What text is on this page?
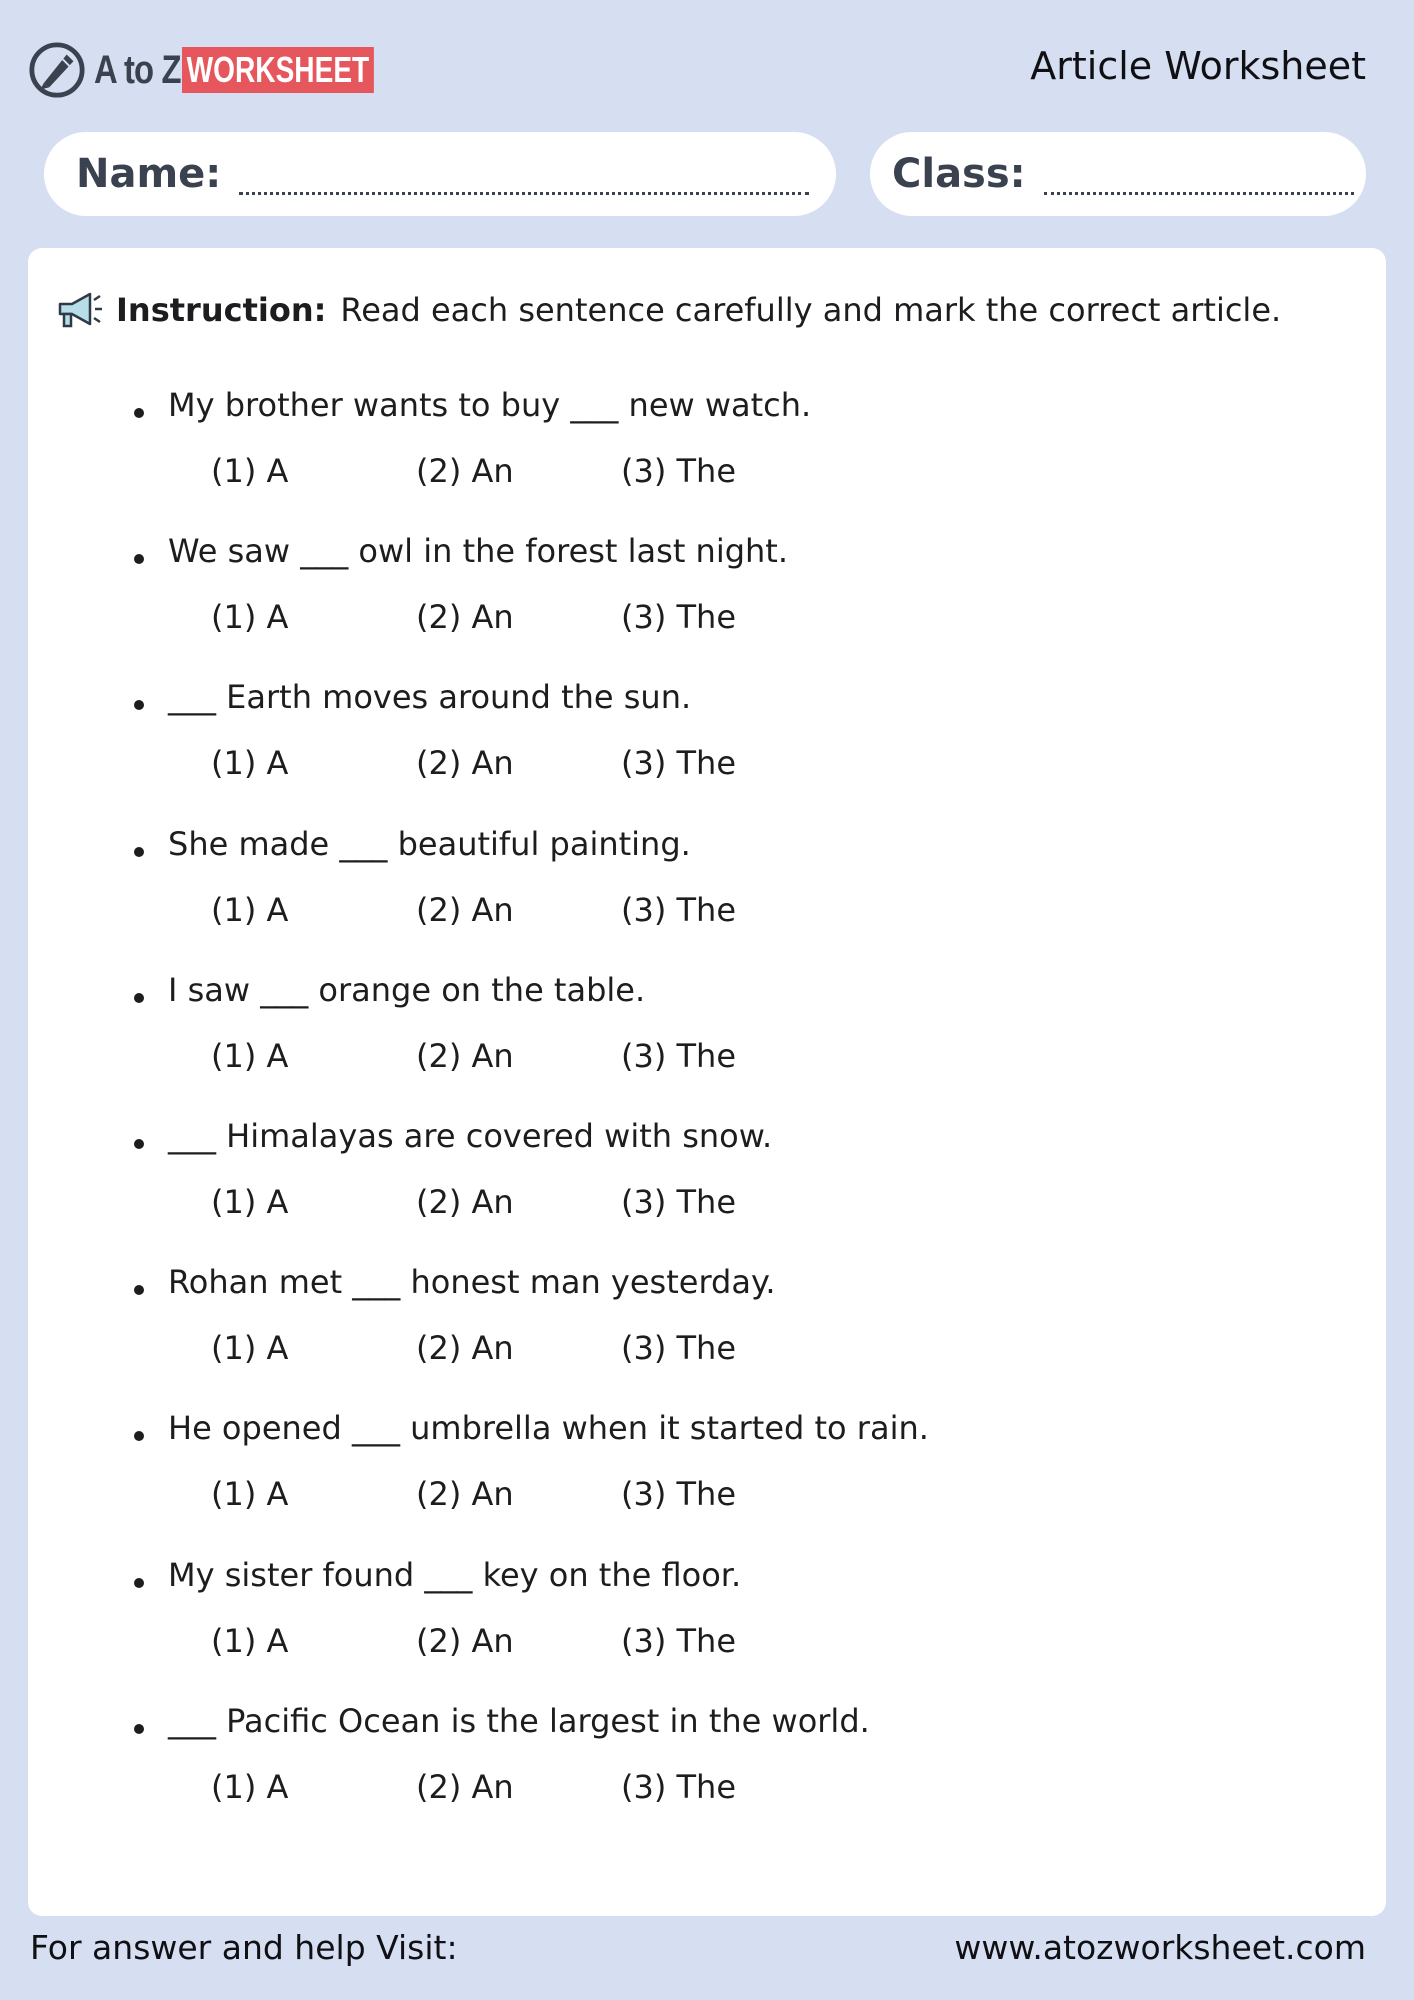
A to Z WORKSHEET	Article Worksheet
Name:	Class:
Instruction: Read each sentence carefully and mark the correct article.
My brother wants to buy ___ new watch.
(1) A	(2) An	(3) The
We saw ___ owl in the forest last night.
(1) A	(2) An	(3) The
___ Earth moves around the sun.
(1) A	(2) An	(3) The
She made ___ beautiful painting.
(1) A	(2) An	(3) The
I saw ___ orange on the table.
(1) A	(2) An	(3) The
___ Himalayas are covered with snow.
(1) A	(2) An	(3) The
Rohan met ___ honest man yesterday.
(1) A	(2) An	(3) The
He opened ___ umbrella when it started to rain.
(1) A	(2) An	(3) The
My sister found ___ key on the floor.
(1) A	(2) An	(3) The
___ Pacific Ocean is the largest in the world.
(1) A	(2) An	(3) The
For answer and help Visit:	www.atozworksheet.com
